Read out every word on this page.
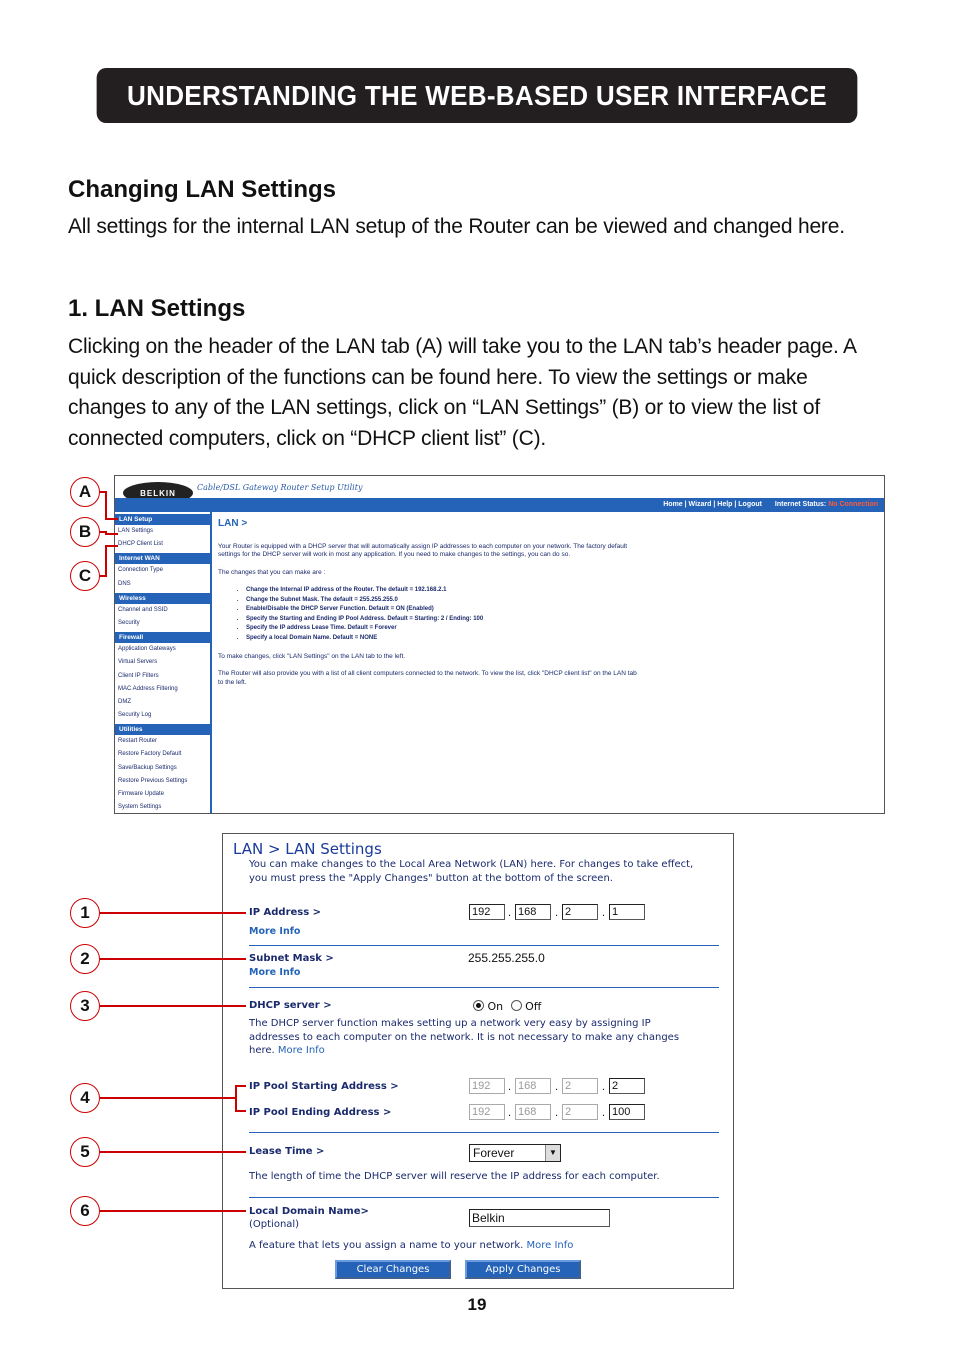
UNDERSTANDING THE WEB-BASED USER INTERFACE
Changing LAN Settings
All settings for the internal LAN setup of the Router can be viewed and changed here.
1. LAN Settings
Clicking on the header of the LAN tab (A) will take you to the LAN tab’s header page. A quick description of the functions can be found here. To view the settings or make changes to any of the LAN settings, click on “LAN Settings” (B) or to view the list of connected computers, click on “DHCP client list” (C).
BELKIN
Cable/DSL Gateway Router Setup Utility
Home | Wizard | Help | Logout Internet Status: No Connection
LAN Setup
LAN Settings
DHCP Client List
Internet WAN
Connection Type
DNS
Wireless
Channel and SSID
Security
Firewall
Application Gateways
Virtual Servers
Client IP Filters
MAC Address Filtering
DMZ
Security Log
Utilities
Restart Router
Restore Factory Default
Save/Backup Settings
Restore Previous Settings
Firmware Update
System Settings
LAN >

Your Router is equipped with a DHCP server that will automatically assign IP addresses to each computer on your network. The factory default settings for the DHCP server will work in most any application. If you need to make changes to the settings, you can do so.

The changes that you can make are :

• Change the Internal IP address of the Router. The default = 192.168.2.1
• Change the Subnet Mask. The default = 255.255.255.0
• Enable/Disable the DHCP Server Function. Default = ON (Enabled)
• Specify the Starting and Ending IP Pool Address. Default = Starting: 2 / Ending: 100
• Specify the IP address Lease Time. Default = Forever
• Specify a local Domain Name. Default = NONE

To make changes, click "LAN Settings" on the LAN tab to the left.

The Router will also provide you with a list of all client computers connected to the network. To view the list, click "DHCP client list" on the LAN tab to the left.

A
B
C
LAN > LAN Settings
You can make changes to the Local Area Network (LAN) here. For changes to take effect, you must press the "Apply Changes" button at the bottom of the screen.
IP Address >
More Info
192	. 168	. 2	. 1
Subnet Mask >
More Info
255.255.255.0
DHCP server >	On Off
The DHCP server function makes setting up a network very easy by assigning IP addresses to each computer on the network. It is not necessary to make any changes here. More Info
IP Pool Starting Address >	192	. 168	. 2	. 2
IP Pool Ending Address >	192	. 168	. 2	. 100
Lease Time >	Forever	▼
The length of time the DHCP server will reserve the IP address for each computer.
Local Domain Name>
(Optional)	Belkin
A feature that lets you assign a name to your network. More Info
Clear Changes	Apply Changes
1
2
3
4
5
6
19
